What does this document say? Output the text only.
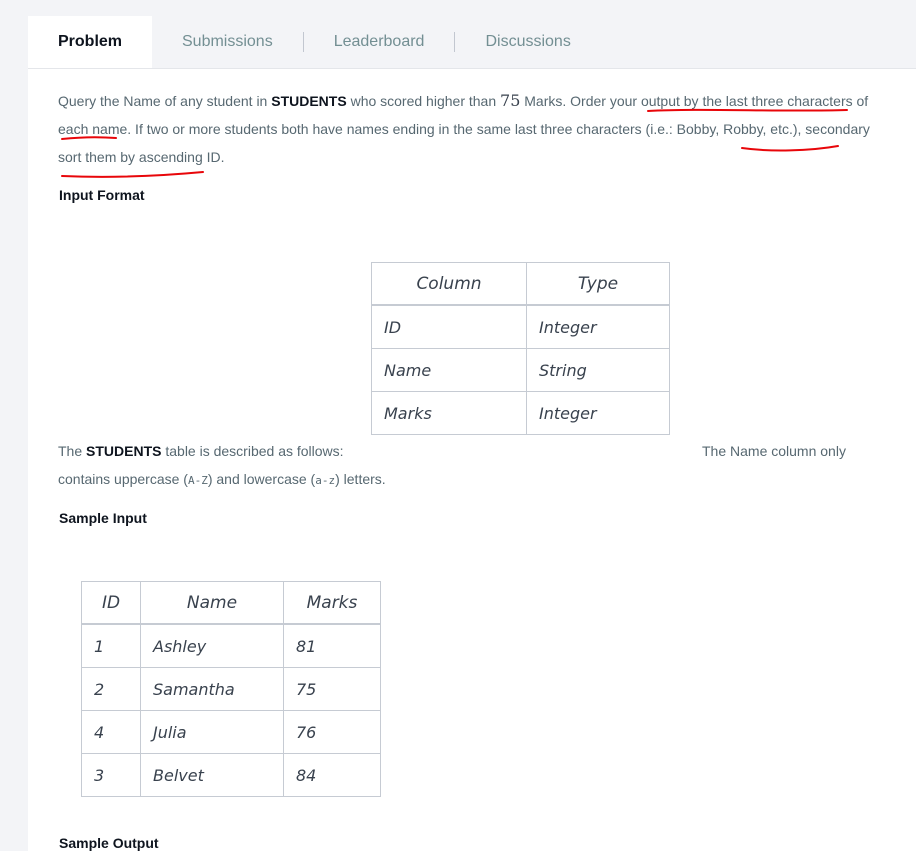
Problem	Submissions	Leaderboard	Discussions
Query the Name of any student in STUDENTS who scored higher than 75 Marks. Order your output by the last three characters of
each name. If two or more students both have names ending in the same last three characters (i.e.: Bobby, Robby, etc.), secondary
sort them by ascending ID.
Input Format
Column	Type
ID	Integer
Name	String
Marks	Integer
The STUDENTS table is described as follows:	The Name column only
contains uppercase (A-Z) and lowercase (a-z) letters.
Sample Input
ID	Name	Marks
1	Ashley	81
2	Samantha	75
4	Julia	76
3	Belvet	84
Sample Output
